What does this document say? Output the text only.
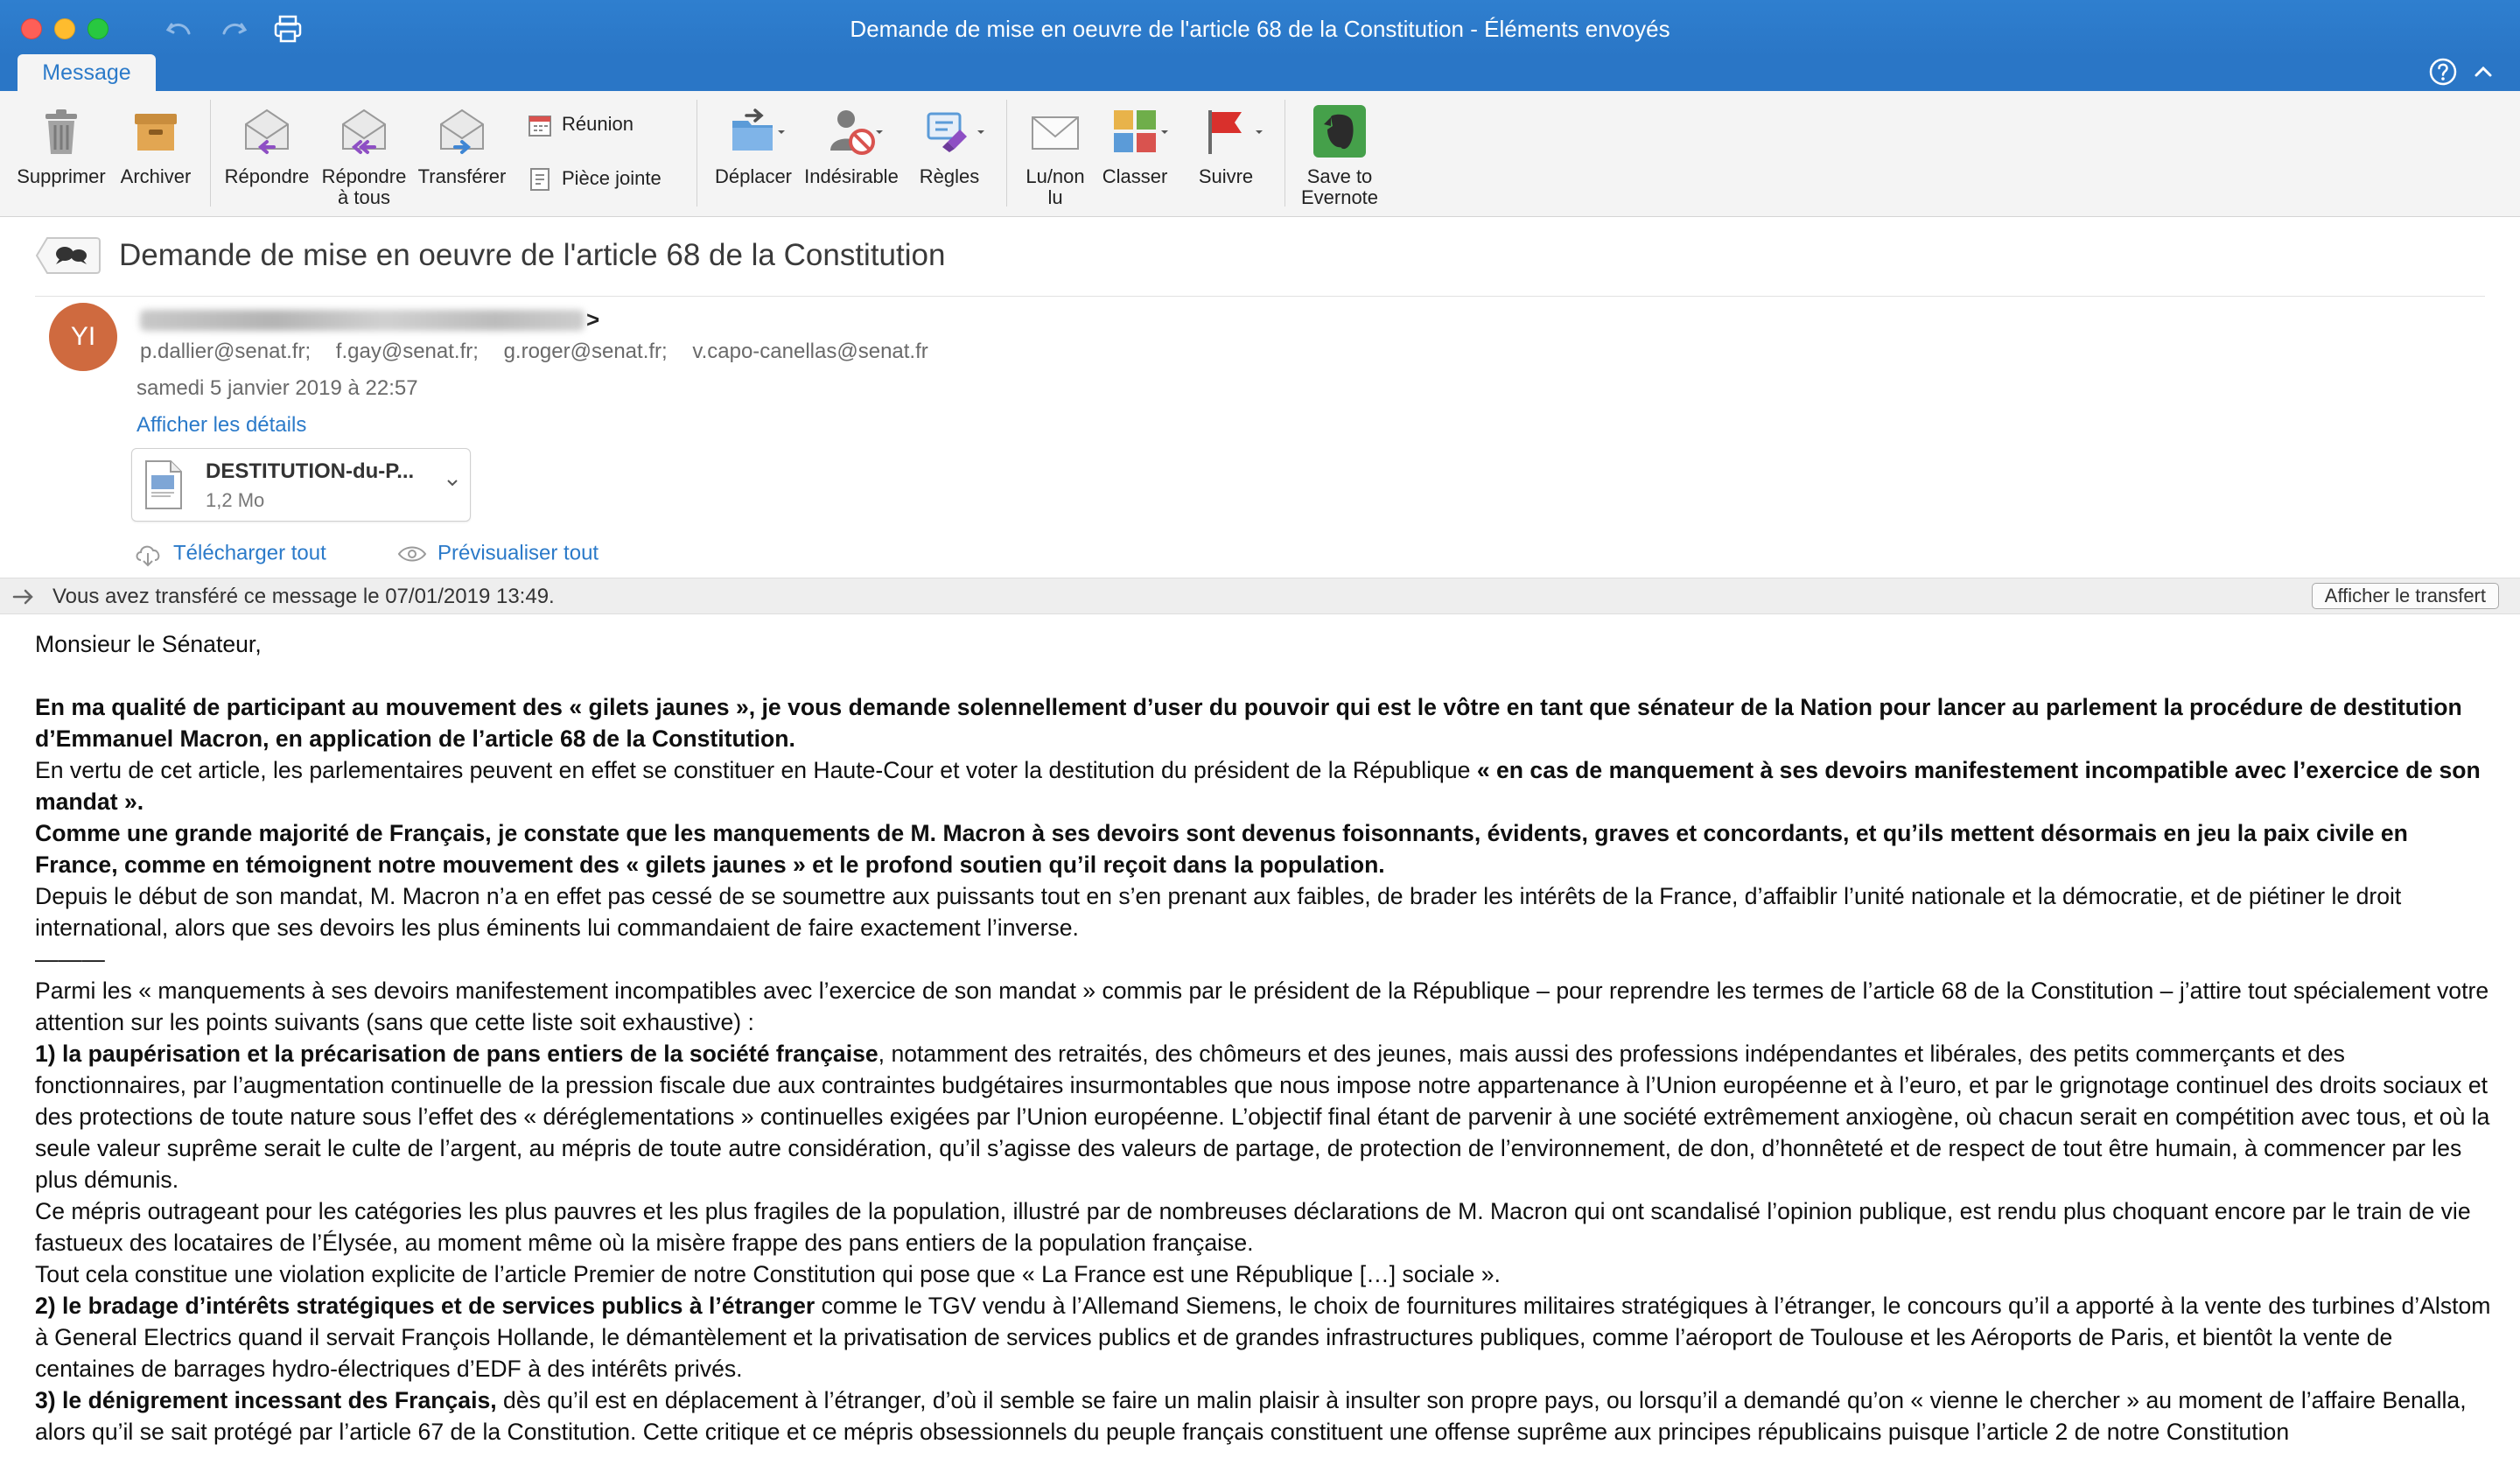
Demande de mise en oeuvre de l'article 68 de la Constitution - Éléments envoyés
Message
Supprimer Archiver	Répondre Répondre
à tous
Transférer
Réunion
Pièce jointe	Déplacer Indésirable	Règles	Lu/non
lu
Classer	Suivre	Save to
Evernote
Demande de mise en oeuvre de l'article 68 de la Constitution
YI
>
p.dallier@senat.fr; f.gay@senat.fr; g.roger@senat.fr; v.capo-canellas@senat.fr
samedi 5 janvier 2019 à 22:57
Afficher les détails
DESTITUTION-du-P...
1,2 Mo
Télécharger tout	Prévisualiser tout
Vous avez transféré ce message le 07/01/2019 13:49.	Afficher le transfert

Monsieur le Sénateur,

En ma qualité de participant au mouvement des « gilets jaunes », je vous demande solennellement d’user du pouvoir qui est le vôtre en tant que sénateur de la Nation pour lancer au parlement la procédure de destitution d’Emmanuel Macron, en application de l’article 68 de la Constitution.

En vertu de cet article, les parlementaires peuvent en effet se constituer en Haute-Cour et voter la destitution du président de la République « en cas de manquement à ses devoirs manifestement incompatible avec l’exercice de son mandat ».

Comme une grande majorité de Français, je constate que les manquements de M. Macron à ses devoirs sont devenus foisonnants, évidents, graves et concordants, et qu’ils mettent désormais en jeu la paix civile en France, comme en témoignent notre mouvement des « gilets jaunes » et le profond soutien qu’il reçoit dans la population.

Depuis le début de son mandat, M. Macron n’a en effet pas cessé de se soumettre aux puissants tout en s’en prenant aux faibles, de brader les intérêts de la France, d’affaiblir l’unité nationale et la démocratie, et de piétiner le droit international, alors que ses devoirs les plus éminents lui commandaient de faire exactement l’inverse.

———

Parmi les « manquements à ses devoirs manifestement incompatibles avec l’exercice de son mandat » commis par le président de la République – pour reprendre les termes de l’article 68 de la Constitution – j’attire tout spécialement votre attention sur les points suivants (sans que cette liste soit exhaustive) :

1) la paupérisation et la précarisation de pans entiers de la société française, notamment des retraités, des chômeurs et des jeunes, mais aussi des professions indépendantes et libérales, des petits commerçants et des fonctionnaires, par l’augmentation continuelle de la pression fiscale due aux contraintes budgétaires insurmontables que nous impose notre appartenance à l’Union européenne et à l’euro, et par le grignotage continuel des droits sociaux et des protections de toute nature sous l’effet des « déréglementations » continuelles exigées par l’Union européenne. L’objectif final étant de parvenir à une société extrêmement anxiogène, où chacun serait en compétition avec tous, et où la seule valeur suprême serait le culte de l’argent, au mépris de toute autre considération, qu’il s’agisse des valeurs de partage, de protection de l’environnement, de don, d’honnêteté et de respect de tout être humain, à commencer par les plus démunis.

Ce mépris outrageant pour les catégories les plus pauvres et les plus fragiles de la population, illustré par de nombreuses déclarations de M. Macron qui ont scandalisé l’opinion publique, est rendu plus choquant encore par le train de vie fastueux des locataires de l’Élysée, au moment même où la misère frappe des pans entiers de la population française.

Tout cela constitue une violation explicite de l’article Premier de notre Constitution qui pose que « La France est une République […] sociale ».

2) le bradage d’intérêts stratégiques et de services publics à l’étranger comme le TGV vendu à l’Allemand Siemens, le choix de fournitures militaires stratégiques à l’étranger, le concours qu’il a apporté à la vente des turbines d’Alstom à General Electrics quand il servait François Hollande, le démantèlement et la privatisation de services publics et de grandes infrastructures publiques, comme l’aéroport de Toulouse et les Aéroports de Paris, et bientôt la vente de centaines de barrages hydro-électriques d’EDF à des intérêts privés.

3) le dénigrement incessant des Français, dès qu’il est en déplacement à l’étranger, d’où il semble se faire un malin plaisir à insulter son propre pays, ou lorsqu’il a demandé qu’on « vienne le chercher » au moment de l’affaire Benalla, alors qu’il se sait protégé par l’article 67 de la Constitution. Cette critique et ce mépris obsessionnels du peuple français constituent une offense suprême aux principes républicains puisque l’article 2 de notre Constitution
